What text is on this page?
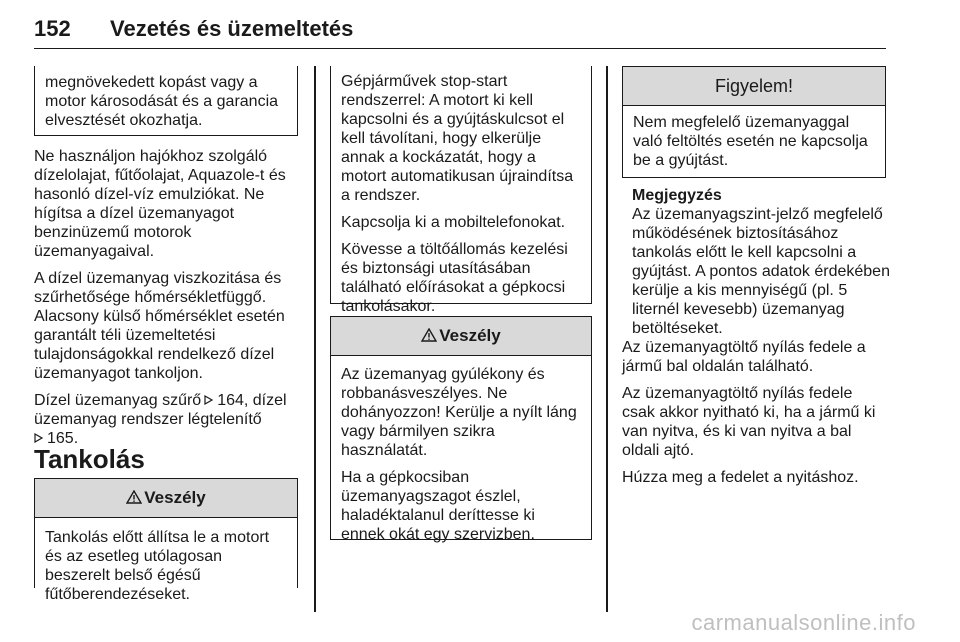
152 Vezetés és üzemeltetés

megnövekedett kopást vagy a motor károsodását és a garancia elvesztését okozhatja.

Ne használjon hajókhoz szolgáló dízelolajat, fűtőolajat, Aquazole-t és hasonló dízel-víz emulziókat. Ne hígítsa a dízel üzemanyagot benzinüzemű motorok üzemanyagaival.

A dízel üzemanyag viszkozitása és szűrhetősége hőmérsékletfüggő. Alacsony külső hőmérséklet esetén garantált téli üzemeltetési tulajdonságokkal rendelkező dízel üzemanyagot tankoljon.

Dízel üzemanyag szűrő 164, dízel üzemanyag rendszer légtelenítő
165.

Tankolás
Veszély

Tankolás előtt állítsa le a motort és az esetleg utólagosan beszerelt belső égésű fűtőberendezéseket.

Gépjárművek stop-start rendszerrel: A motort ki kell kapcsolni és a gyújtáskulcsot el kell távolítani, hogy elkerülje annak a kockázatát, hogy a motort automatikusan újraindítsa a rendszer.

Kapcsolja ki a mobiltelefonokat.

Kövesse a töltőállomás kezelési és biztonsági utasításában található előírásokat a gépkocsi tankolásakor.

Veszély

Az üzemanyag gyúlékony és robbanásveszélyes. Ne dohányozzon! Kerülje a nyílt láng vagy bármilyen szikra használatát.

Ha a gépkocsiban üzemanyagszagot észlel, haladéktalanul deríttesse ki ennek okát egy szervizben.

Figyelem!

Nem megfelelő üzemanyaggal való feltöltés esetén ne kapcsolja be a gyújtást.

Megjegyzés
Az üzemanyagszint-jelző megfelelő működésének biztosításához tankolás előtt le kell kapcsolni a gyújtást. A pontos adatok érdekében kerülje a kis mennyiségű (pl. 5 liternél kevesebb) üzemanyag betöltéseket.

Az üzemanyagtöltő nyílás fedele a jármű bal oldalán található.

Az üzemanyagtöltő nyílás fedele csak akkor nyitható ki, ha a jármű ki van nyitva, és ki van nyitva a bal oldali ajtó.

Húzza meg a fedelet a nyitáshoz.

carmanualsonline.info
